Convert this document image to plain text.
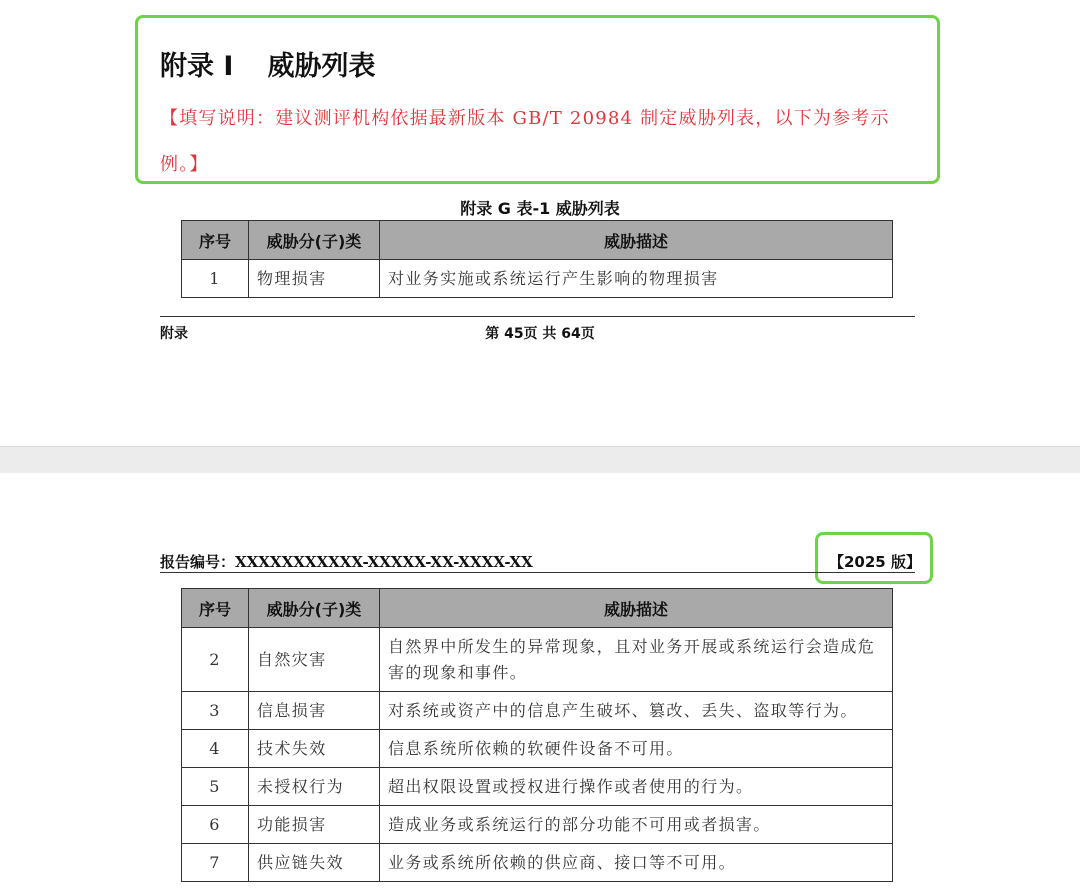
附录 I 威胁列表
【填写说明：建议测评机构依据最新版本 GB/T 20984 制定威胁列表，以下为参考示例。】
附录 G 表-1 威胁列表
序号	威胁分(子)类	威胁描述
1	物理损害	对业务实施或系统运行产生影响的物理损害
附录	第 45页 共 64页
报告编号：XXXXXXXXXXX-XXXXX-XX-XXXX-XX	【2025 版】
序号	威胁分(子)类	威胁描述
2	自然灾害	自然界中所发生的异常现象，且对业务开展或系统运行会造成危害的现象和事件。
3	信息损害	对系统或资产中的信息产生破坏、篡改、丢失、盗取等行为。
4	技术失效	信息系统所依赖的软硬件设备不可用。
5	未授权行为	超出权限设置或授权进行操作或者使用的行为。
6	功能损害	造成业务或系统运行的部分功能不可用或者损害。
7	供应链失效	业务或系统所依赖的供应商、接口等不可用。
